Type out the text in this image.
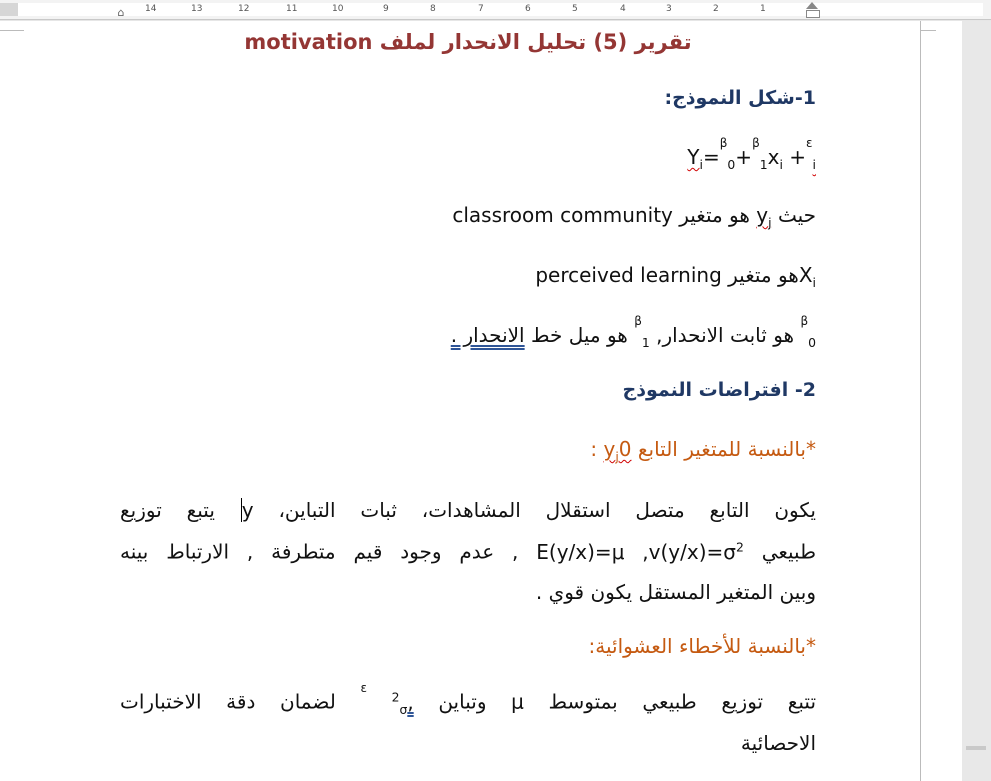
14	13	12	11	10	9	8	7	6	5	4	3	2	1
⌂
تقرير (5) تحليل الانحدار لملف motivation
1-شكل النموذج:
$Y_i=^\beta_0+^\beta_1x_i +^\varepsilon_i$
حيث $y_j$ هو متغير classroom community
$X_iهو$ متغير perceived learning
$^\beta_0$ هو ثابت الانحدار, $^\beta_1$ هو ميل خط الانحدار .
2- افتراضات النموذج
*بالنسبة للمتغير التابع $y_j0$ :
يكون التابع متصل استقلال المشاهدات، ثبات التباين، y يتبع توزيع
طبيعي E(y/x)=μ $,v(y/x)=\sigma^2$ , عدم وجود قيم متطرفة , الارتباط بينه
وبين المتغير المستقل يكون قوي .
*بالنسبة للأخطاء العشوائية:
تتبع توزيع طبيعي بمتوسط μ وتباين $^\varepsilon$ $^2_\sigma$, لضمان دقة الاختبارات
الاحصائية
